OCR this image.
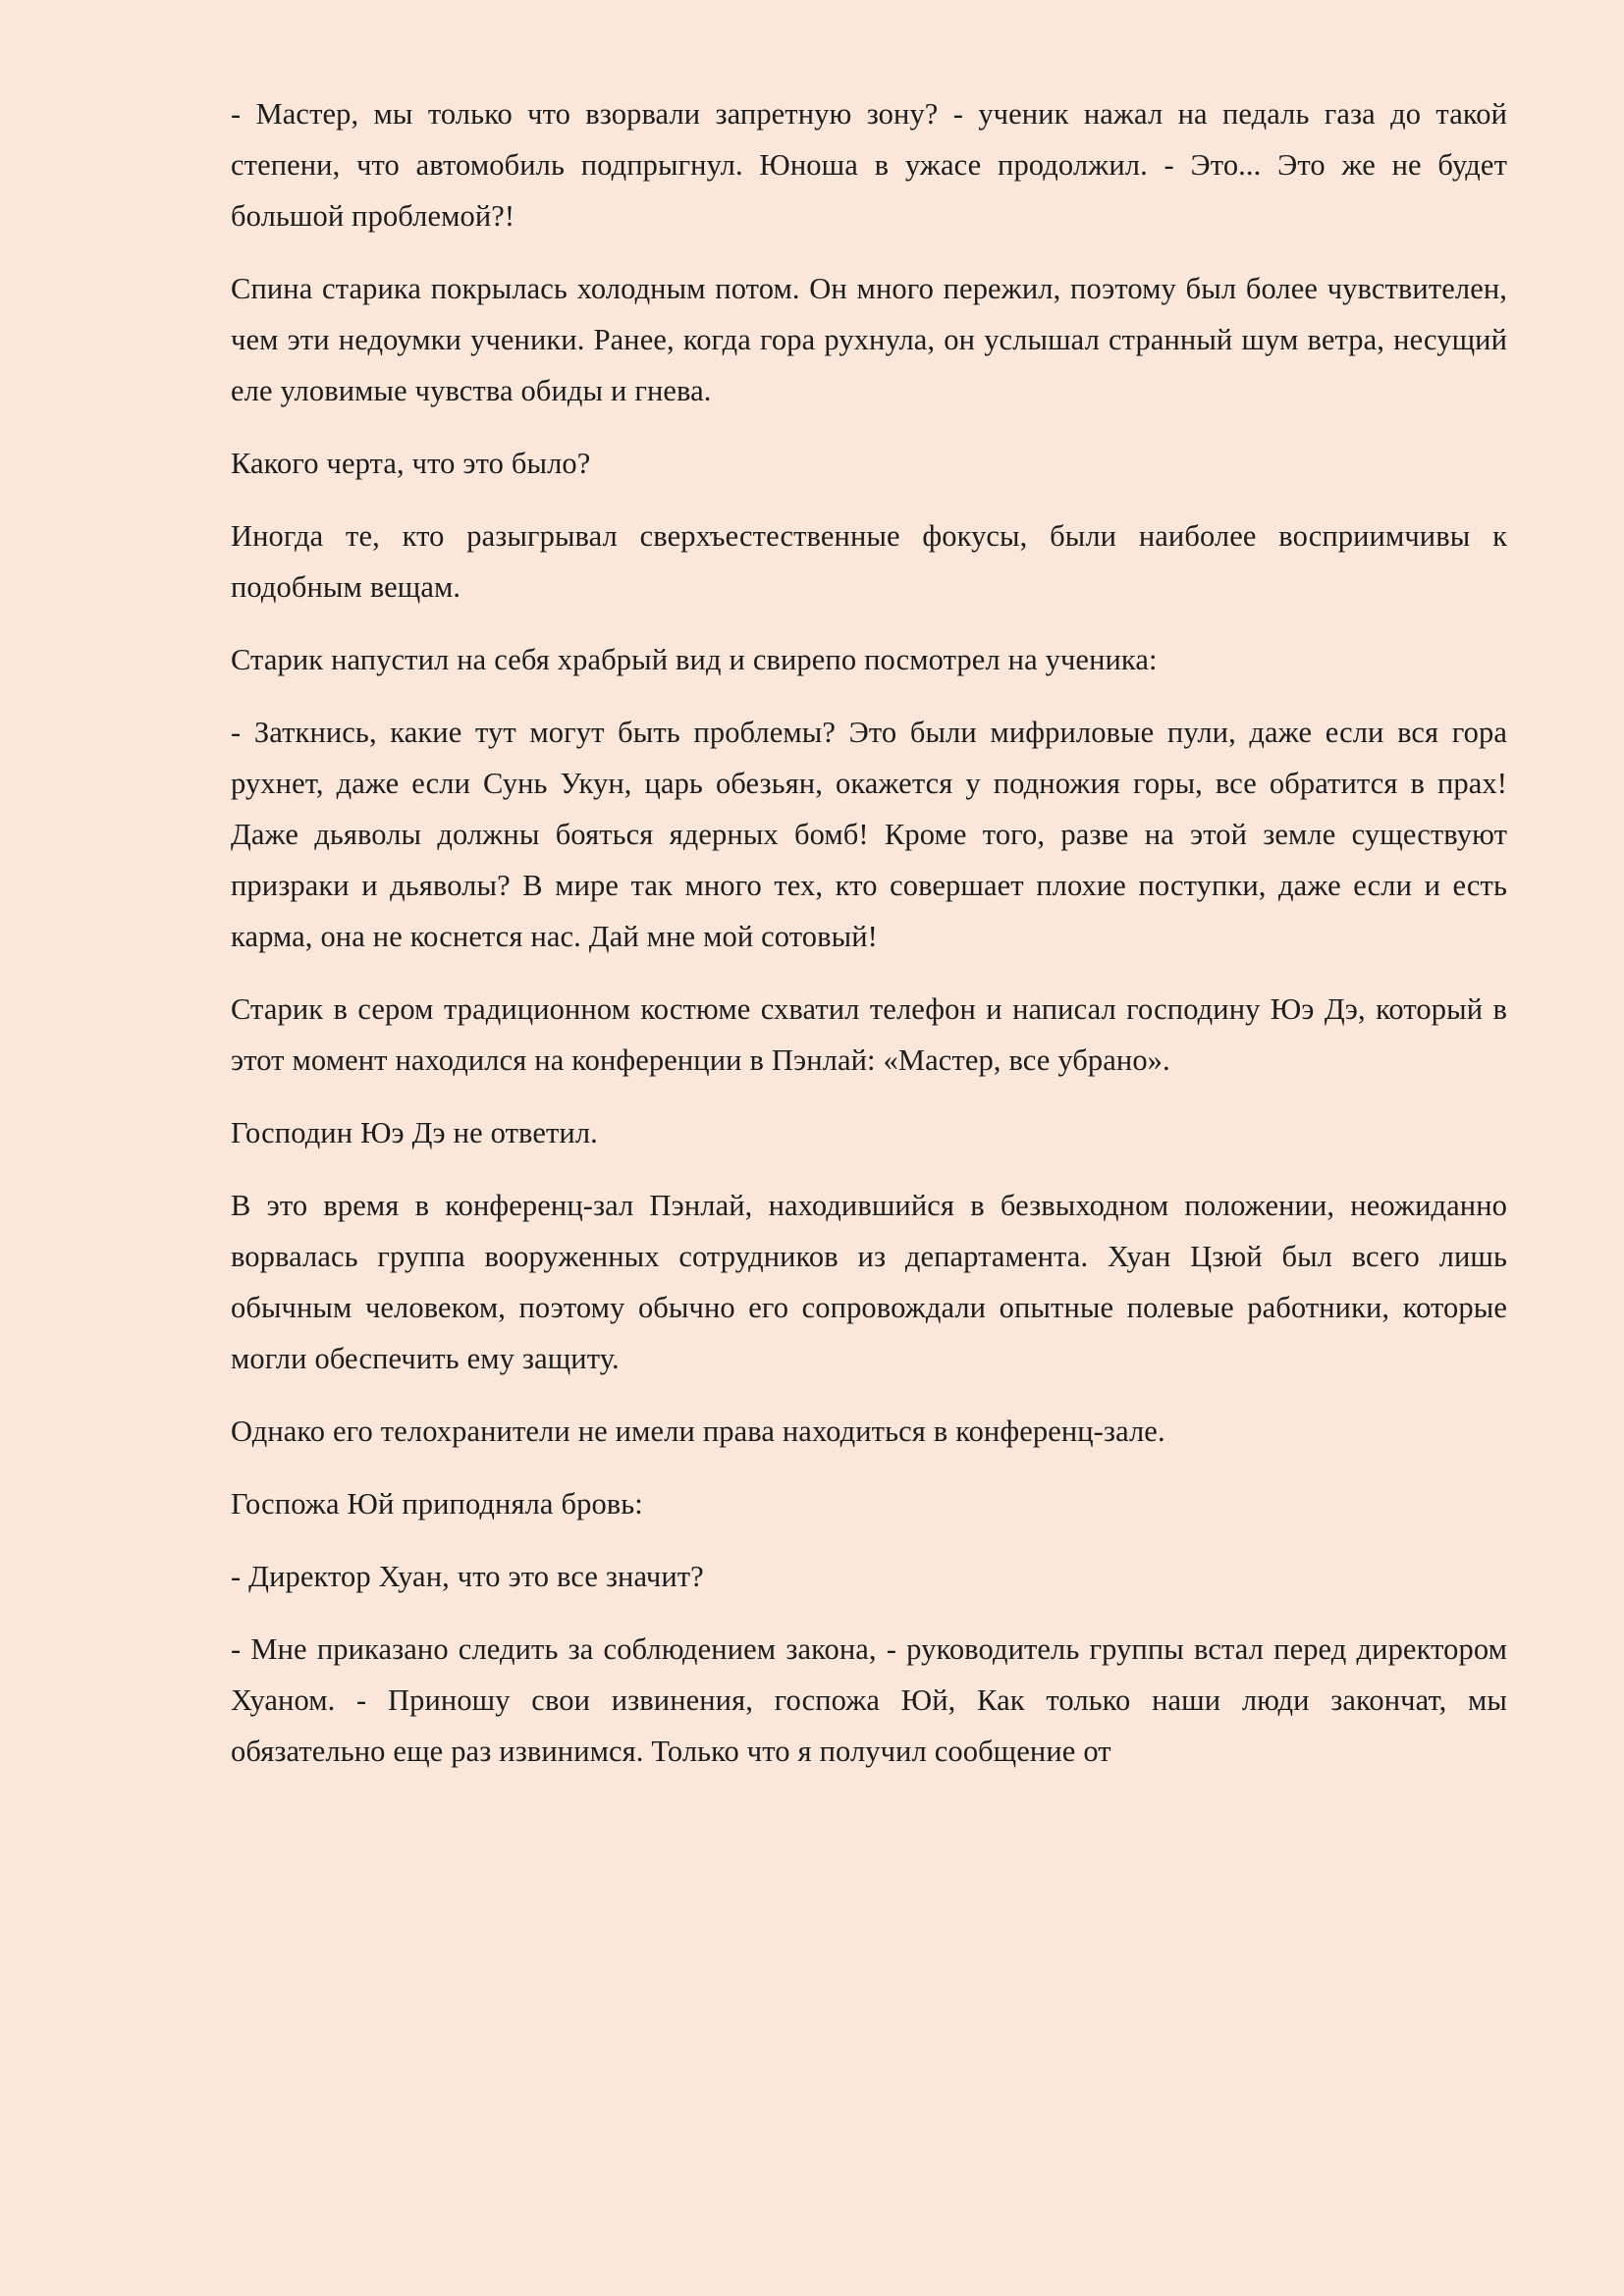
- Мастер, мы только что взорвали запретную зону? - ученик нажал на педаль газа до такой степени, что автомобиль подпрыгнул. Юноша в ужасе продолжил. - Это... Это же не будет большой проблемой?!

Спина старика покрылась холодным потом. Он много пережил, поэтому был более чувствителен, чем эти недоумки ученики. Ранее, когда гора рухнула, он услышал странный шум ветра, несущий еле уловимые чувства обиды и гнева.

Какого черта, что это было?

Иногда те, кто разыгрывал сверхъестественные фокусы, были наиболее восприимчивы к подобным вещам.

Старик напустил на себя храбрый вид и свирепо посмотрел на ученика:

- Заткнись, какие тут могут быть проблемы? Это были мифриловые пули, даже если вся гора рухнет, даже если Сунь Укун, царь обезьян, окажется у подножия горы, все обратится в прах! Даже дьяволы должны бояться ядерных бомб! Кроме того, разве на этой земле существуют призраки и дьяволы? В мире так много тех, кто совершает плохие поступки, даже если и есть карма, она не коснется нас. Дай мне мой сотовый!

Старик в сером традиционном костюме схватил телефон и написал господину Юэ Дэ, который в этот момент находился на конференции в Пэнлай: «Мастер, все убрано».

Господин Юэ Дэ не ответил.

В это время в конференц-зал Пэнлай, находившийся в безвыходном положении, неожиданно ворвалась группа вооруженных сотрудников из департамента. Хуан Цзюй был всего лишь обычным человеком, поэтому обычно его сопровождали опытные полевые работники, которые могли обеспечить ему защиту.

Однако его телохранители не имели права находиться в конференц-зале.

Госпожа Юй приподняла бровь:

- Директор Хуан, что это все значит?

- Мне приказано следить за соблюдением закона, - руководитель группы встал перед директором Хуаном. - Приношу свои извинения, госпожа Юй, Как только наши люди закончат, мы обязательно еще раз извинимся. Только что я получил сообщение от
